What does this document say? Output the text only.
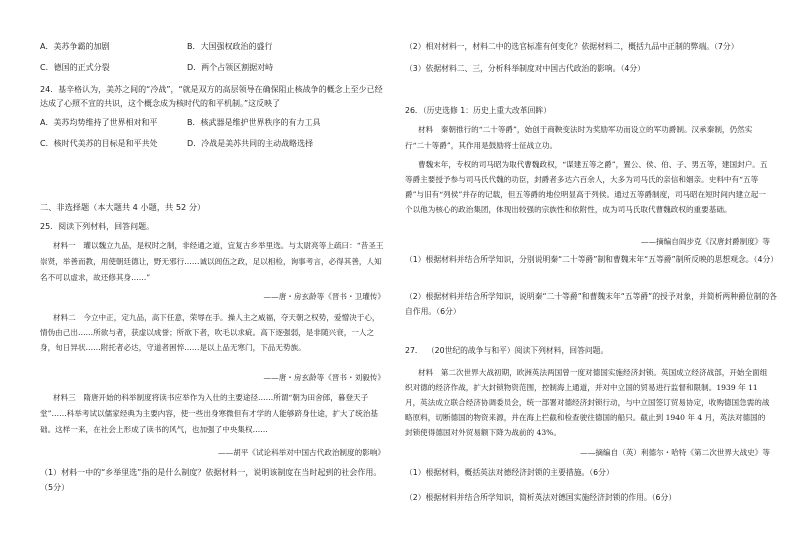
A．美苏争霸的加剧	B．大国强权政治的盛行
C．德国的正式分裂	D．两个占领区割据对峙

24．基辛格认为，美苏之间的“冷战”，“就是双方的高层领导在确保阻止核战争的概念上至少已经达成了心照不宣的共识，这个概念成为核时代的和平机制。”这反映了

A．美苏均势维持了世界相对和平	B．核武器是维护世界秩序的有力工具
C．核时代美苏的目标是和平共处	D．冷战是美苏共同的主动战略选择

二、非选择题（本大题共 4 小题，共 52 分）

25．阅读下列材料，回答问题。

材料一　瓘以魏立九品，是权时之制，非经通之道，宜复古乡举里选。与太尉亮等上疏曰：“昔圣王崇贤，举善而教，用使朝廷德让，野无邪行……诚以闾伍之政，足以相检，询事考言，必得其善，人知名不可以虚求，故还修其身……”

——唐・房玄龄等《晋书・卫瓘传》

材料二　今立中正，定九品，高下任意，荣辱在手。操人主之威福，夺天朝之权势，爱憎决于心，情伪由己出……所欲与者，获虚以成誉；所欲下者，吹毛以求疵。高下逐强弱，是非随兴衰，一人之身，旬日异状……附托者必达，守道者困悴……是以上品无寒门，下品无势族。

——唐・房玄龄等《晋书・刘毅传》

材料三　隋唐开始的科举制度将读书应举作为入仕的主要途径……所谓“朝为田舍郎，暮登天子堂”……科举考试以儒家经典为主要内容，使一些出身寒微但有才学的人能够跻身仕途，扩大了统治基础。这样一来，在社会上形成了读书的风气，也加强了中央集权……

——胡平《试论科举对中国古代政治制度的影响》

（1）材料一中的“乡举里选”指的是什么制度？依据材料一，说明该制度在当时起到的社会作用。（5分）

（2）相对材料一，材料二中的选官标准有何变化？依据材料二，概括九品中正制的弊端。（7分）

（3）依据材料二、三，分析科举制度对中国古代政治的影响。（4分）

26．（历史选修 1：历史上重大改革回眸）

材料　秦朝推行的“二十等爵”，始创于商鞅变法时为奖励军功而设立的军功爵制。汉承秦制，仍然实行“二十等爵”，其作用是鼓励将士征战立功。

曹魏末年，专权的司马昭为取代曹魏政权，“谋建五等之爵”，置公、侯、伯、子、男五等，建国封户。五等爵主要授予参与司马氏代魏的功臣，封爵者多达六百余人，大多为司马氏的亲信和姻亲。史料中有“五等爵”与旧有“列侯”并存的记载，但五等爵的地位明显高于列侯。通过五等爵制度，司马昭在短时间内建立起一个以他为核心的政治集团，体现出较强的宗族性和依附性，成为司马氏取代曹魏政权的重要基础。

——摘编自阎步克《汉唐封爵制度》等

（1）根据材料并结合所学知识，分别说明秦“二十等爵”制和曹魏末年“五等爵”制所反映的思想观念。（4分）

（2）根据材料并结合所学知识，说明秦“二十等爵”和曹魏末年“五等爵”的授予对象，并简析两种爵位制的各自作用。（6分）

27． （20世纪的战争与和平）阅读下列材料，回答问题。

材料　第二次世界大战初期，欧洲英法两国曾一度对德国实施经济封锁。英国成立经济战部，开始全面组织对德的经济作战，扩大封锁物资范围，控制海上通道，并对中立国的贸易进行监督和限制。1939 年 11 月，英法成立联合经济协调委员会，统一部署对德经济封锁行动，与中立国签订贸易协定，收购德国急需的战略原料，切断德国的物资来源，并在海上拦截和检查驶往德国的船只。截止到 1940 年 4 月，英法对德国的封锁使得德国对外贸易额下降为战前的 43%。

——摘编自（英）利德尔・哈特《第二次世界大战史》等

（1）根据材料，概括英法对德经济封锁的主要措施。（6分）

（2）根据材料并结合所学知识，简析英法对德国实施经济封锁的作用。（6分）
